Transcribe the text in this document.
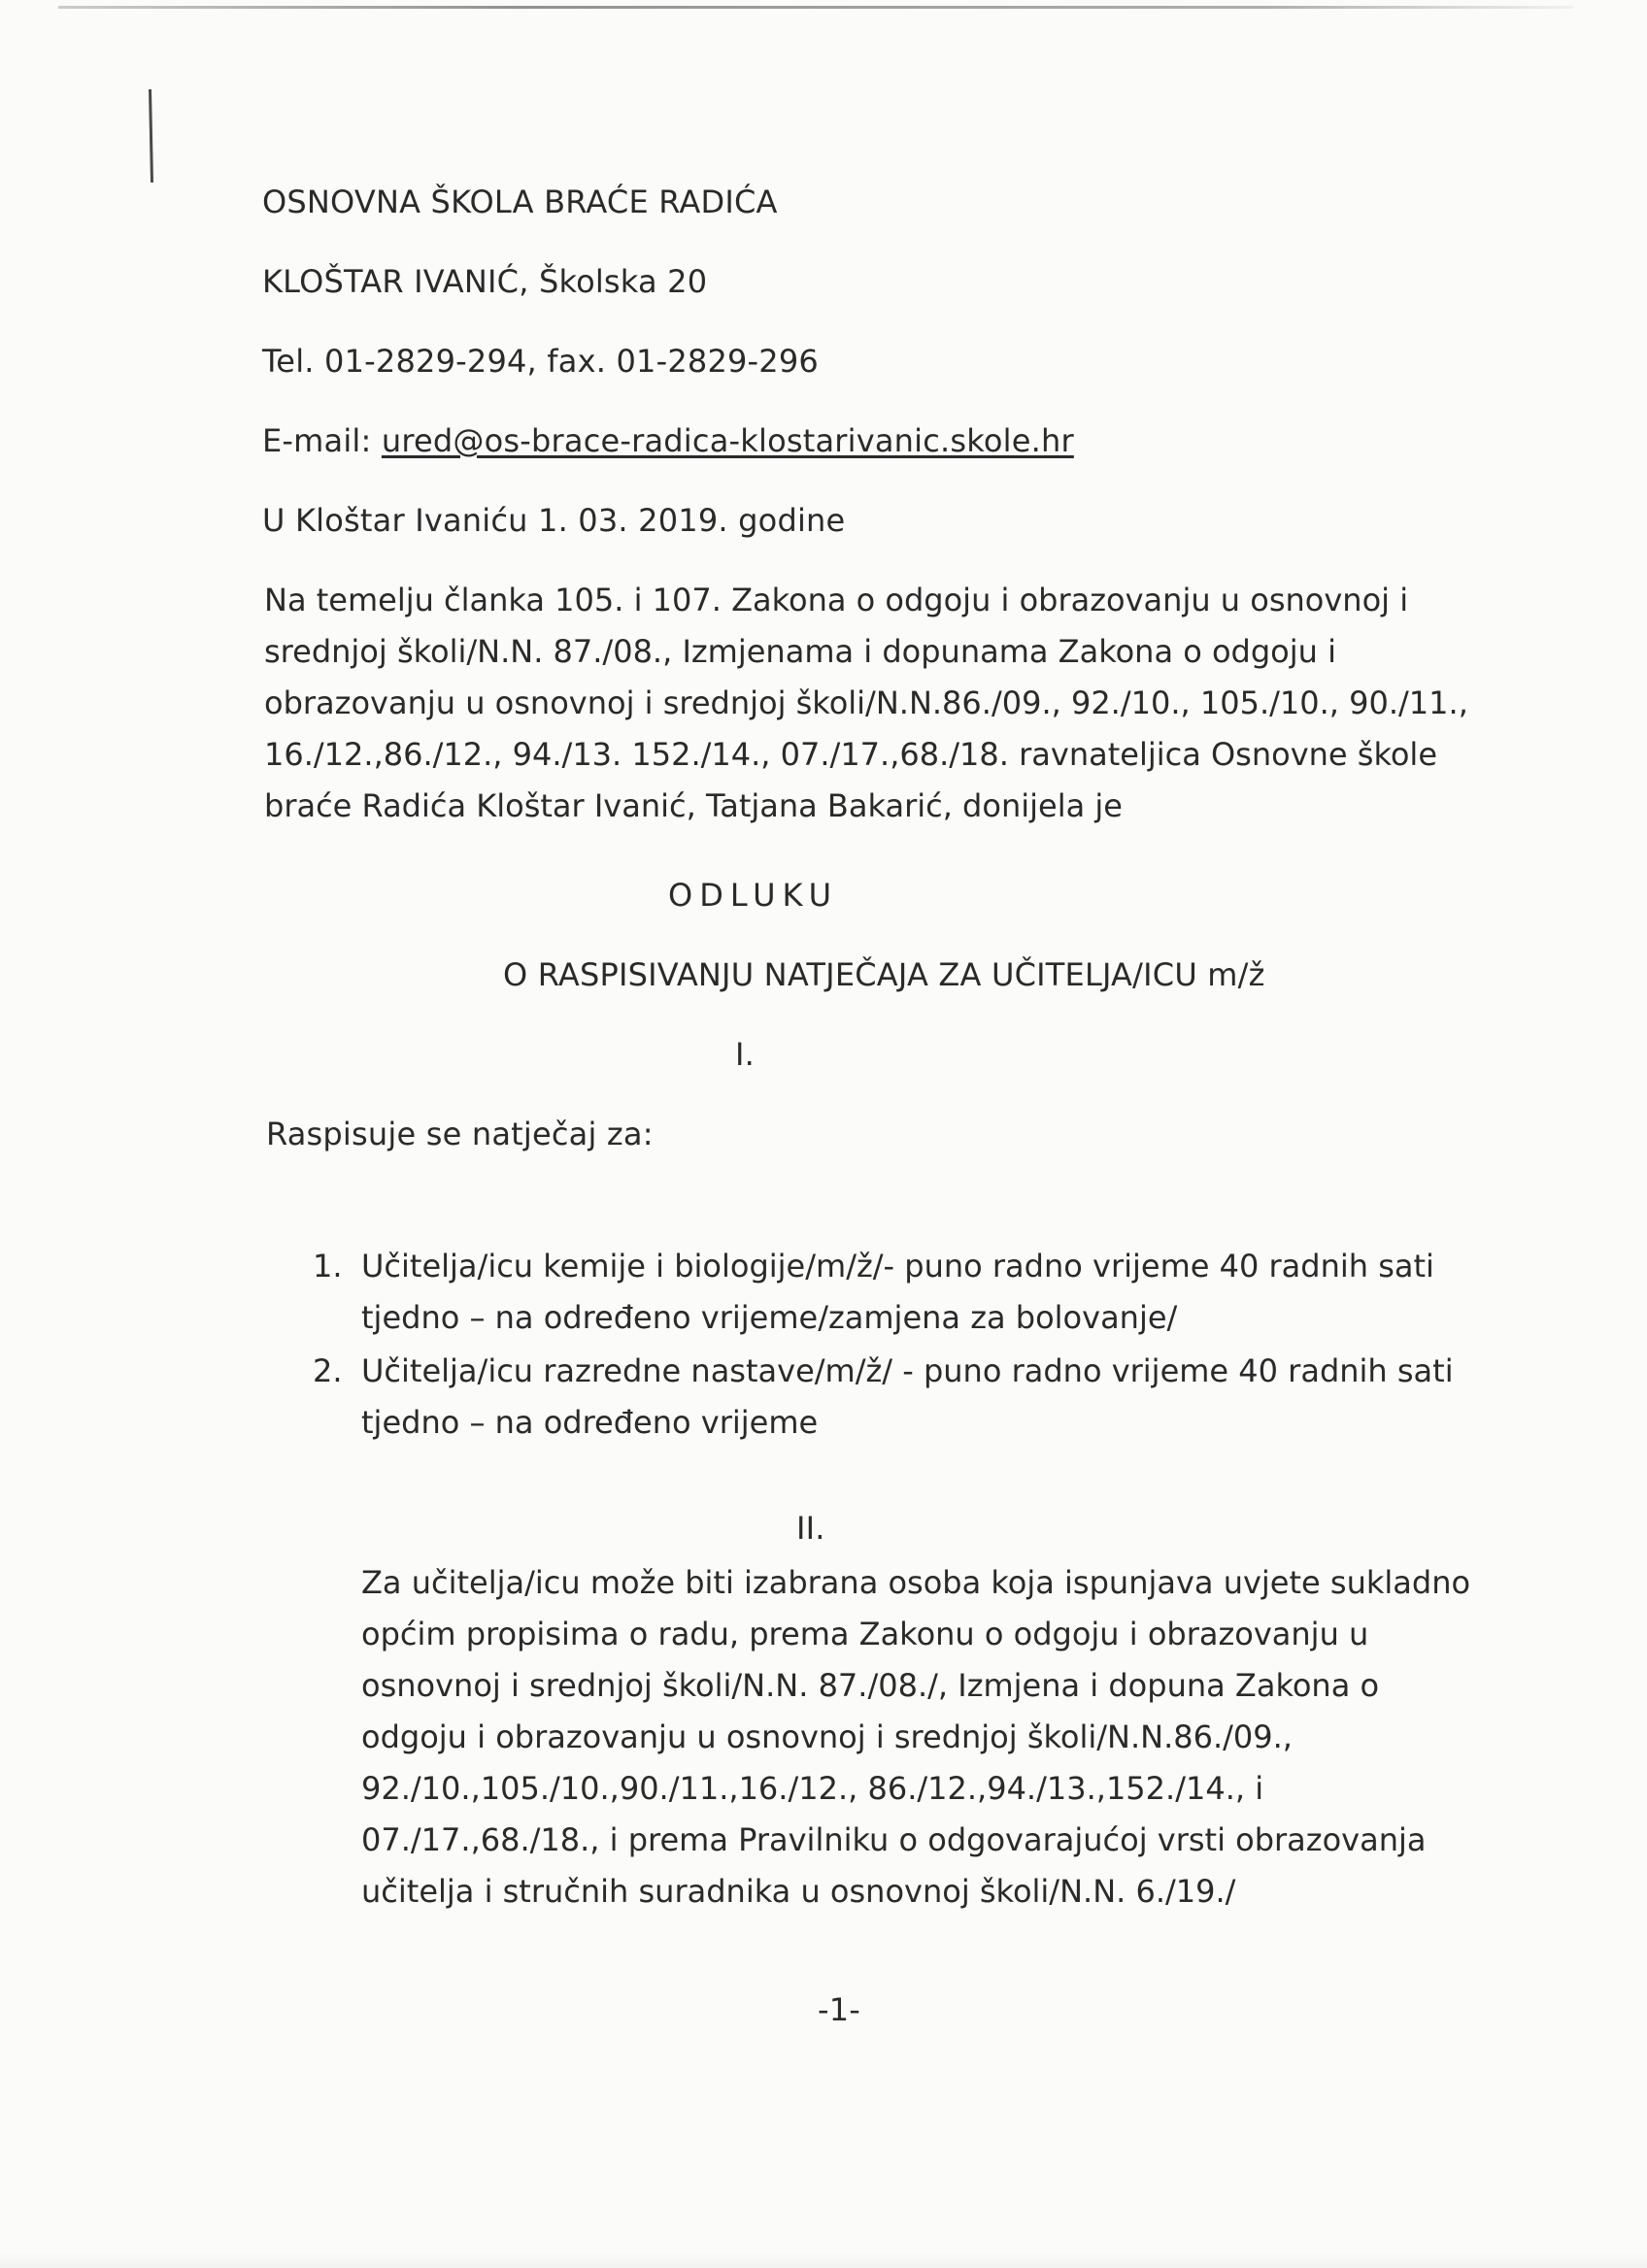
OSNOVNA ŠKOLA BRAĆE RADIĆA

KLOŠTAR IVANIĆ, Školska 20

Tel. 01-2829-294, fax. 01-2829-296

E-mail: ured@os-brace-radica-klostarivanic.skole.hr

U Kloštar Ivaniću 1. 03. 2019. godine

Na temelju članka 105. i 107. Zakona o odgoju i obrazovanju u osnovnoj i
srednjoj školi/N.N. 87./08., Izmjenama i dopunama Zakona o odgoju i
obrazovanju u osnovnoj i srednjoj školi/N.N.86./09., 92./10., 105./10., 90./11.,
16./12.,86./12., 94./13. 152./14., 07./17.,68./18. ravnateljica Osnovne škole
braće Radića Kloštar Ivanić, Tatjana Bakarić, donijela je

ODLUKU

O RASPISIVANJU NATJEČAJA ZA UČITELJA/ICU m/ž

I.

Raspisuje se natječaj za:

1. Učitelja/icu kemije i biologije/m/ž/- puno radno vrijeme 40 radnih sati
tjedno – na određeno vrijeme/zamjena za bolovanje/
2. Učitelja/icu razredne nastave/m/ž/ - puno radno vrijeme 40 radnih sati
tjedno – na određeno vrijeme

II.

Za učitelja/icu može biti izabrana osoba koja ispunjava uvjete sukladno
općim propisima o radu, prema Zakonu o odgoju i obrazovanju u
osnovnoj i srednjoj školi/N.N. 87./08./, Izmjena i dopuna Zakona o
odgoju i obrazovanju u osnovnoj i srednjoj školi/N.N.86./09.,
92./10.,105./10.,90./11.,16./12., 86./12.,94./13.,152./14., i
07./17.,68./18., i prema Pravilniku o odgovarajućoj vrsti obrazovanja
učitelja i stručnih suradnika u osnovnoj školi/N.N. 6./19./

-1-
